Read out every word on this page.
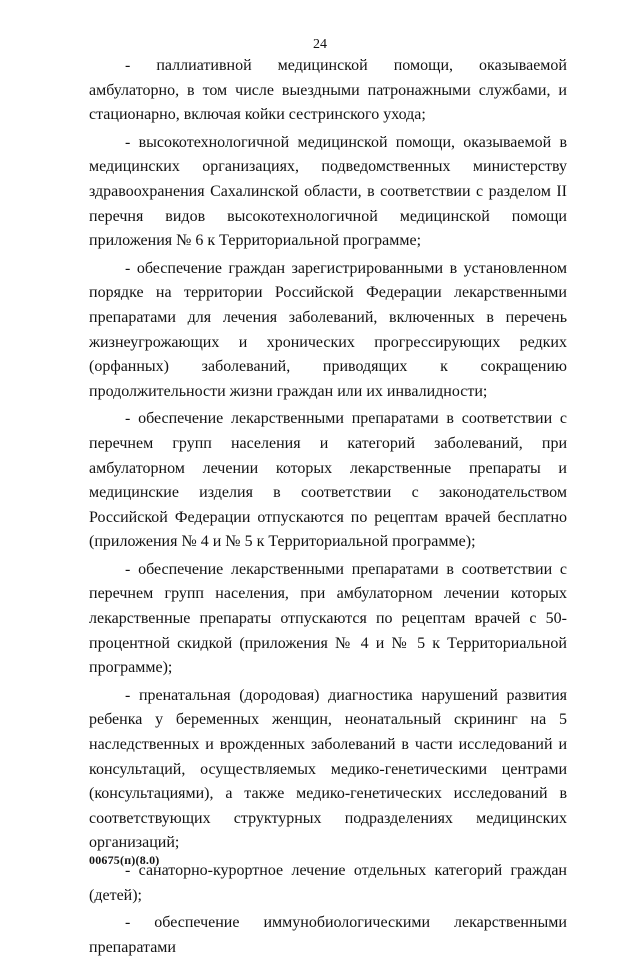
24

- паллиативной медицинской помощи, оказываемой амбулаторно, в том числе выездными патронажными службами, и стационарно, включая койки сестринского ухода;

- высокотехнологичной медицинской помощи, оказываемой в медицинских организациях, подведомственных министерству здравоохранения Сахалинской области, в соответствии с разделом II перечня видов высокотехнологичной медицинской помощи приложения № 6 к Территориальной программе;

- обеспечение граждан зарегистрированными в установленном порядке на территории Российской Федерации лекарственными препаратами для лечения заболеваний, включенных в перечень жизнеугрожающих и хронических прогрессирующих редких (орфанных) заболеваний, приводящих к сокращению продолжительности жизни граждан или их инвалидности;

- обеспечение лекарственными препаратами в соответствии с перечнем групп населения и категорий заболеваний, при амбулаторном лечении которых лекарственные препараты и медицинские изделия в соответствии с законодательством Российской Федерации отпускаются по рецептам врачей бесплатно (приложения № 4 и № 5 к Территориальной программе);

- обеспечение лекарственными препаратами в соответствии с перечнем групп населения, при амбулаторном лечении которых лекарственные препараты отпускаются по рецептам врачей с 50-процентной скидкой (приложения № 4 и № 5 к Территориальной программе);

- пренатальная (дородовая) диагностика нарушений развития ребенка у беременных женщин, неонатальный скрининг на 5 наследственных и врожденных заболеваний в части исследований и консультаций, осуществляемых медико-генетическими центрами (консультациями), а также медико-генетических исследований в соответствующих структурных подразделениях медицинских организаций;

- санаторно-курортное лечение отдельных категорий граждан (детей);

- обеспечение иммунобиологическими лекарственными препаратами

00675(п)(8.0)
